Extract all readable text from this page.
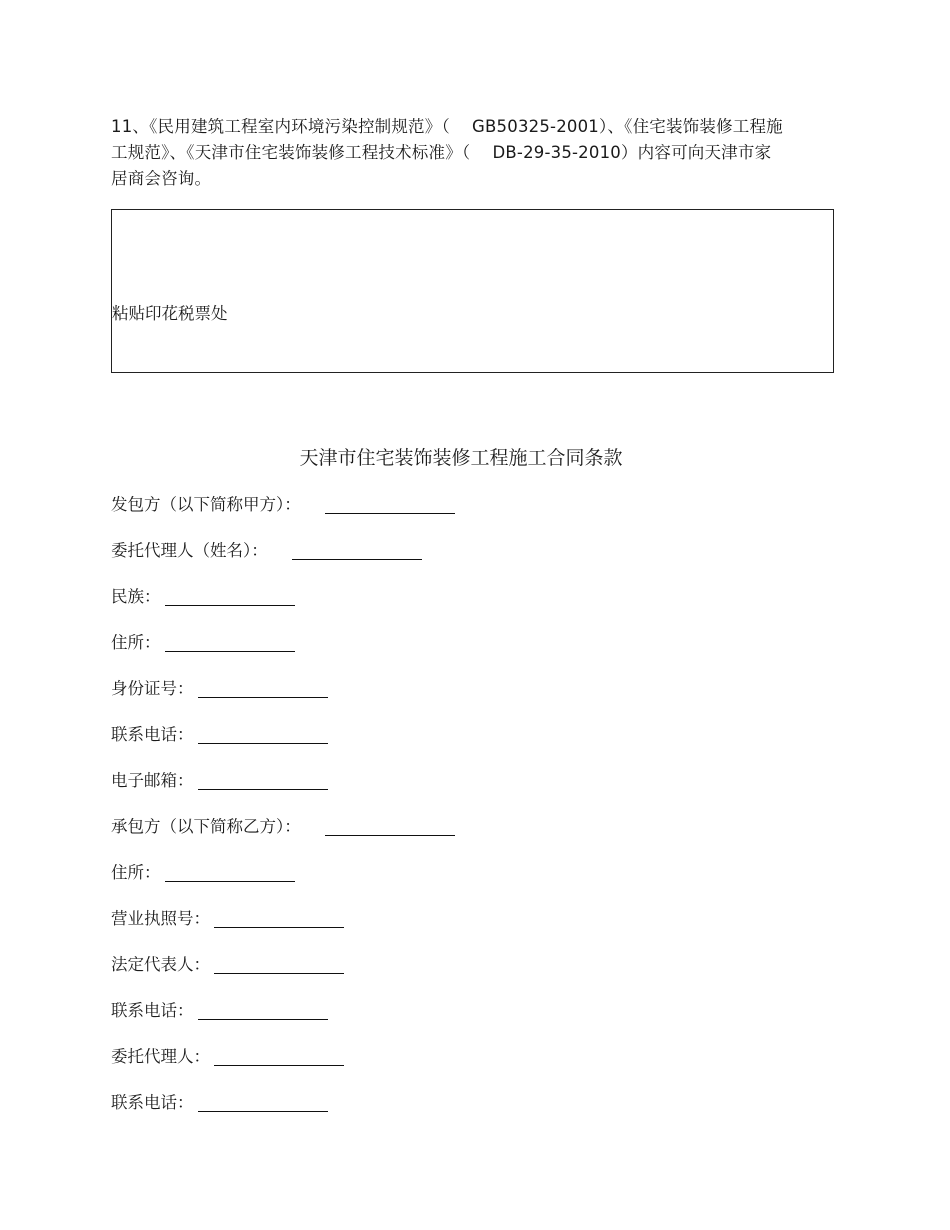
11、《民用建筑工程室内环境污染控制规范》（　 GB50325-2001）、《住宅装饰装修工程施

工规范》、《天津市住宅装饰装修工程技术标准》（　 DB-29-35-2010）内容可向天津市家

居商会咨询。

粘贴印花税票处
天津市住宅装饰装修工程施工合同条款
发包方（以下简称甲方）：
委托代理人（姓名）：
民族：
住所：
身份证号：
联系电话：
电子邮箱：
承包方（以下简称乙方）：
住所：
营业执照号：
法定代表人：
联系电话：
委托代理人：
联系电话：
